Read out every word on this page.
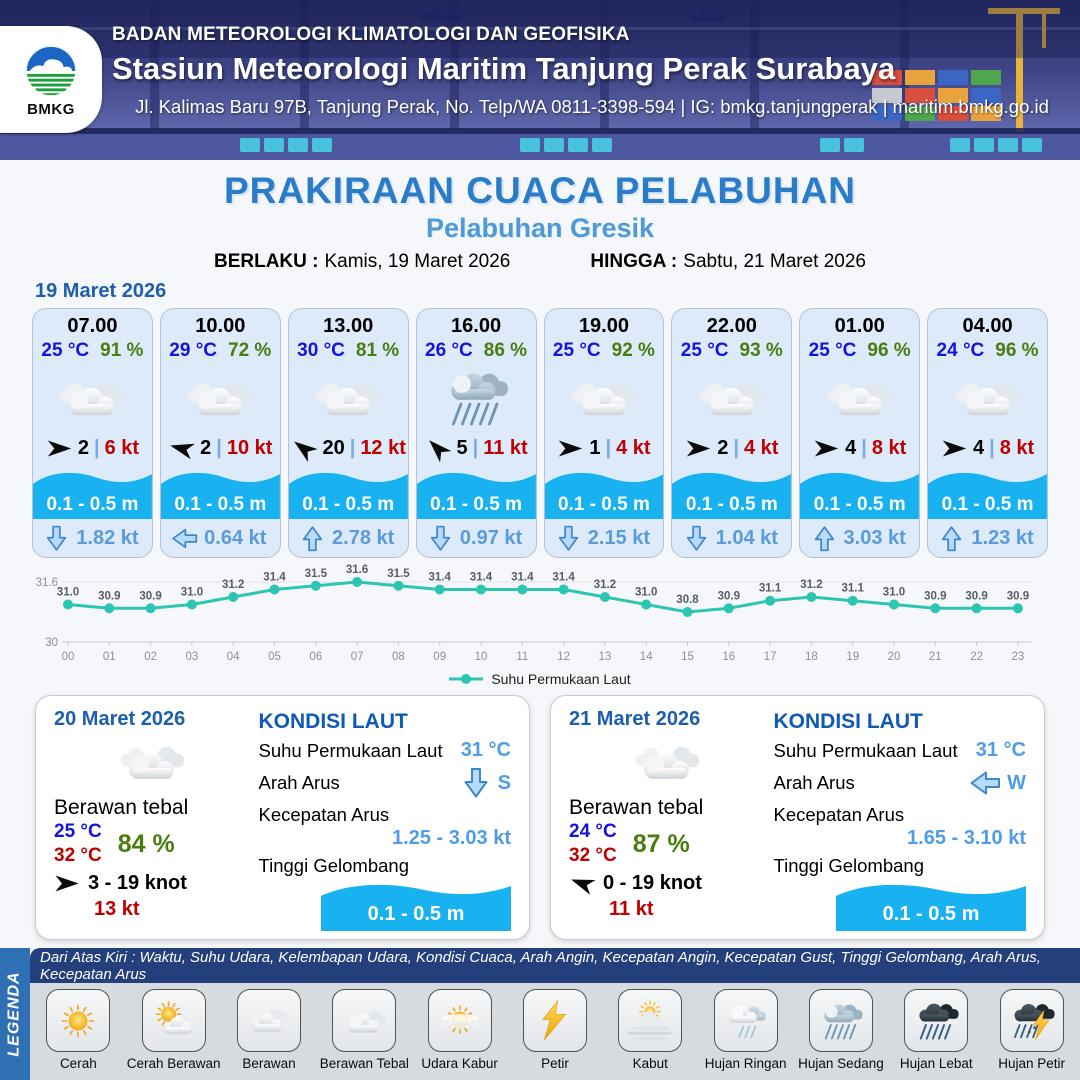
BMKG
BADAN METEOROLOGI KLIMATOLOGI DAN GEOFISIKA
Stasiun Meteorologi Maritim Tanjung Perak Surabaya
Jl. Kalimas Baru 97B, Tanjung Perak, No. Telp/WA 0811-3398-594 | IG: bmkg.tanjungperak | maritim.bmkg.go.id
PRAKIRAAN CUACA PELABUHAN
Pelabuhan Gresik
BERLAKU : Kamis, 19 Maret 2026	HINGGA : Sabtu, 21 Maret 2026
19 Maret 2026
07.00
25 °C 91 %
2 | 6 kt
0.1 - 0.5 m
1.82 kt
10.00
29 °C 72 %
2 | 10 kt
0.1 - 0.5 m
0.64 kt
13.00
30 °C 81 %
20 | 12 kt
0.1 - 0.5 m
2.78 kt
16.00
26 °C 86 %
5 | 11 kt
0.1 - 0.5 m
0.97 kt
19.00
25 °C 92 %
1 | 4 kt
0.1 - 0.5 m
2.15 kt
22.00
25 °C 93 %
2 | 4 kt
0.1 - 0.5 m
1.04 kt
01.00
25 °C 96 %
4 | 8 kt
0.1 - 0.5 m
3.03 kt
04.00
24 °C 96 %
4 | 8 kt
0.1 - 0.5 m
1.23 kt
31.6
30
00 01 02 03 04 05 06 07 08 09 10	11	12 13 14 15 16 17 18 19 20 21 22 23
31.0 30.9 30.9 31.0
31.2
31.4 31.5 31.6 31.5 31.4 31.4 31.4 31.4
31.2
31.0
30.8 30.9
31.1 31.2 31.1 31.0 30.9 30.9 30.9
Suhu Permukaan Laut
20 Maret 2026
Berawan tebal
25 °C
32 °C 84 %
3 - 19 knot
13 kt
KONDISI LAUT
Suhu Permukaan Laut 31 °C
Arah Arus	S
Kecepatan Arus
1.25 - 3.03 kt
Tinggi Gelombang
0.1 - 0.5 m
21 Maret 2026
Berawan tebal
24 °C
32 °C 87 %
0 - 19 knot
11 kt
KONDISI LAUT
Suhu Permukaan Laut 31 °C
Arah Arus	W
Kecepatan Arus
1.65 - 3.10 kt
Tinggi Gelombang
0.1 - 0.5 m
LEGENDA
Dari Atas Kiri : Waktu, Suhu Udara, Kelembapan Udara, Kondisi Cuaca, Arah Angin, Kecepatan Angin, Kecepatan Gust, Tinggi Gelombang, Arah Arus, Kecepatan Arus
Cerah Cerah Berawan Berawan Berawan Tebal Udara Kabur	Petir	Kabut	Hujan Ringan Hujan Sedang Hujan Lebat Hujan Petir
